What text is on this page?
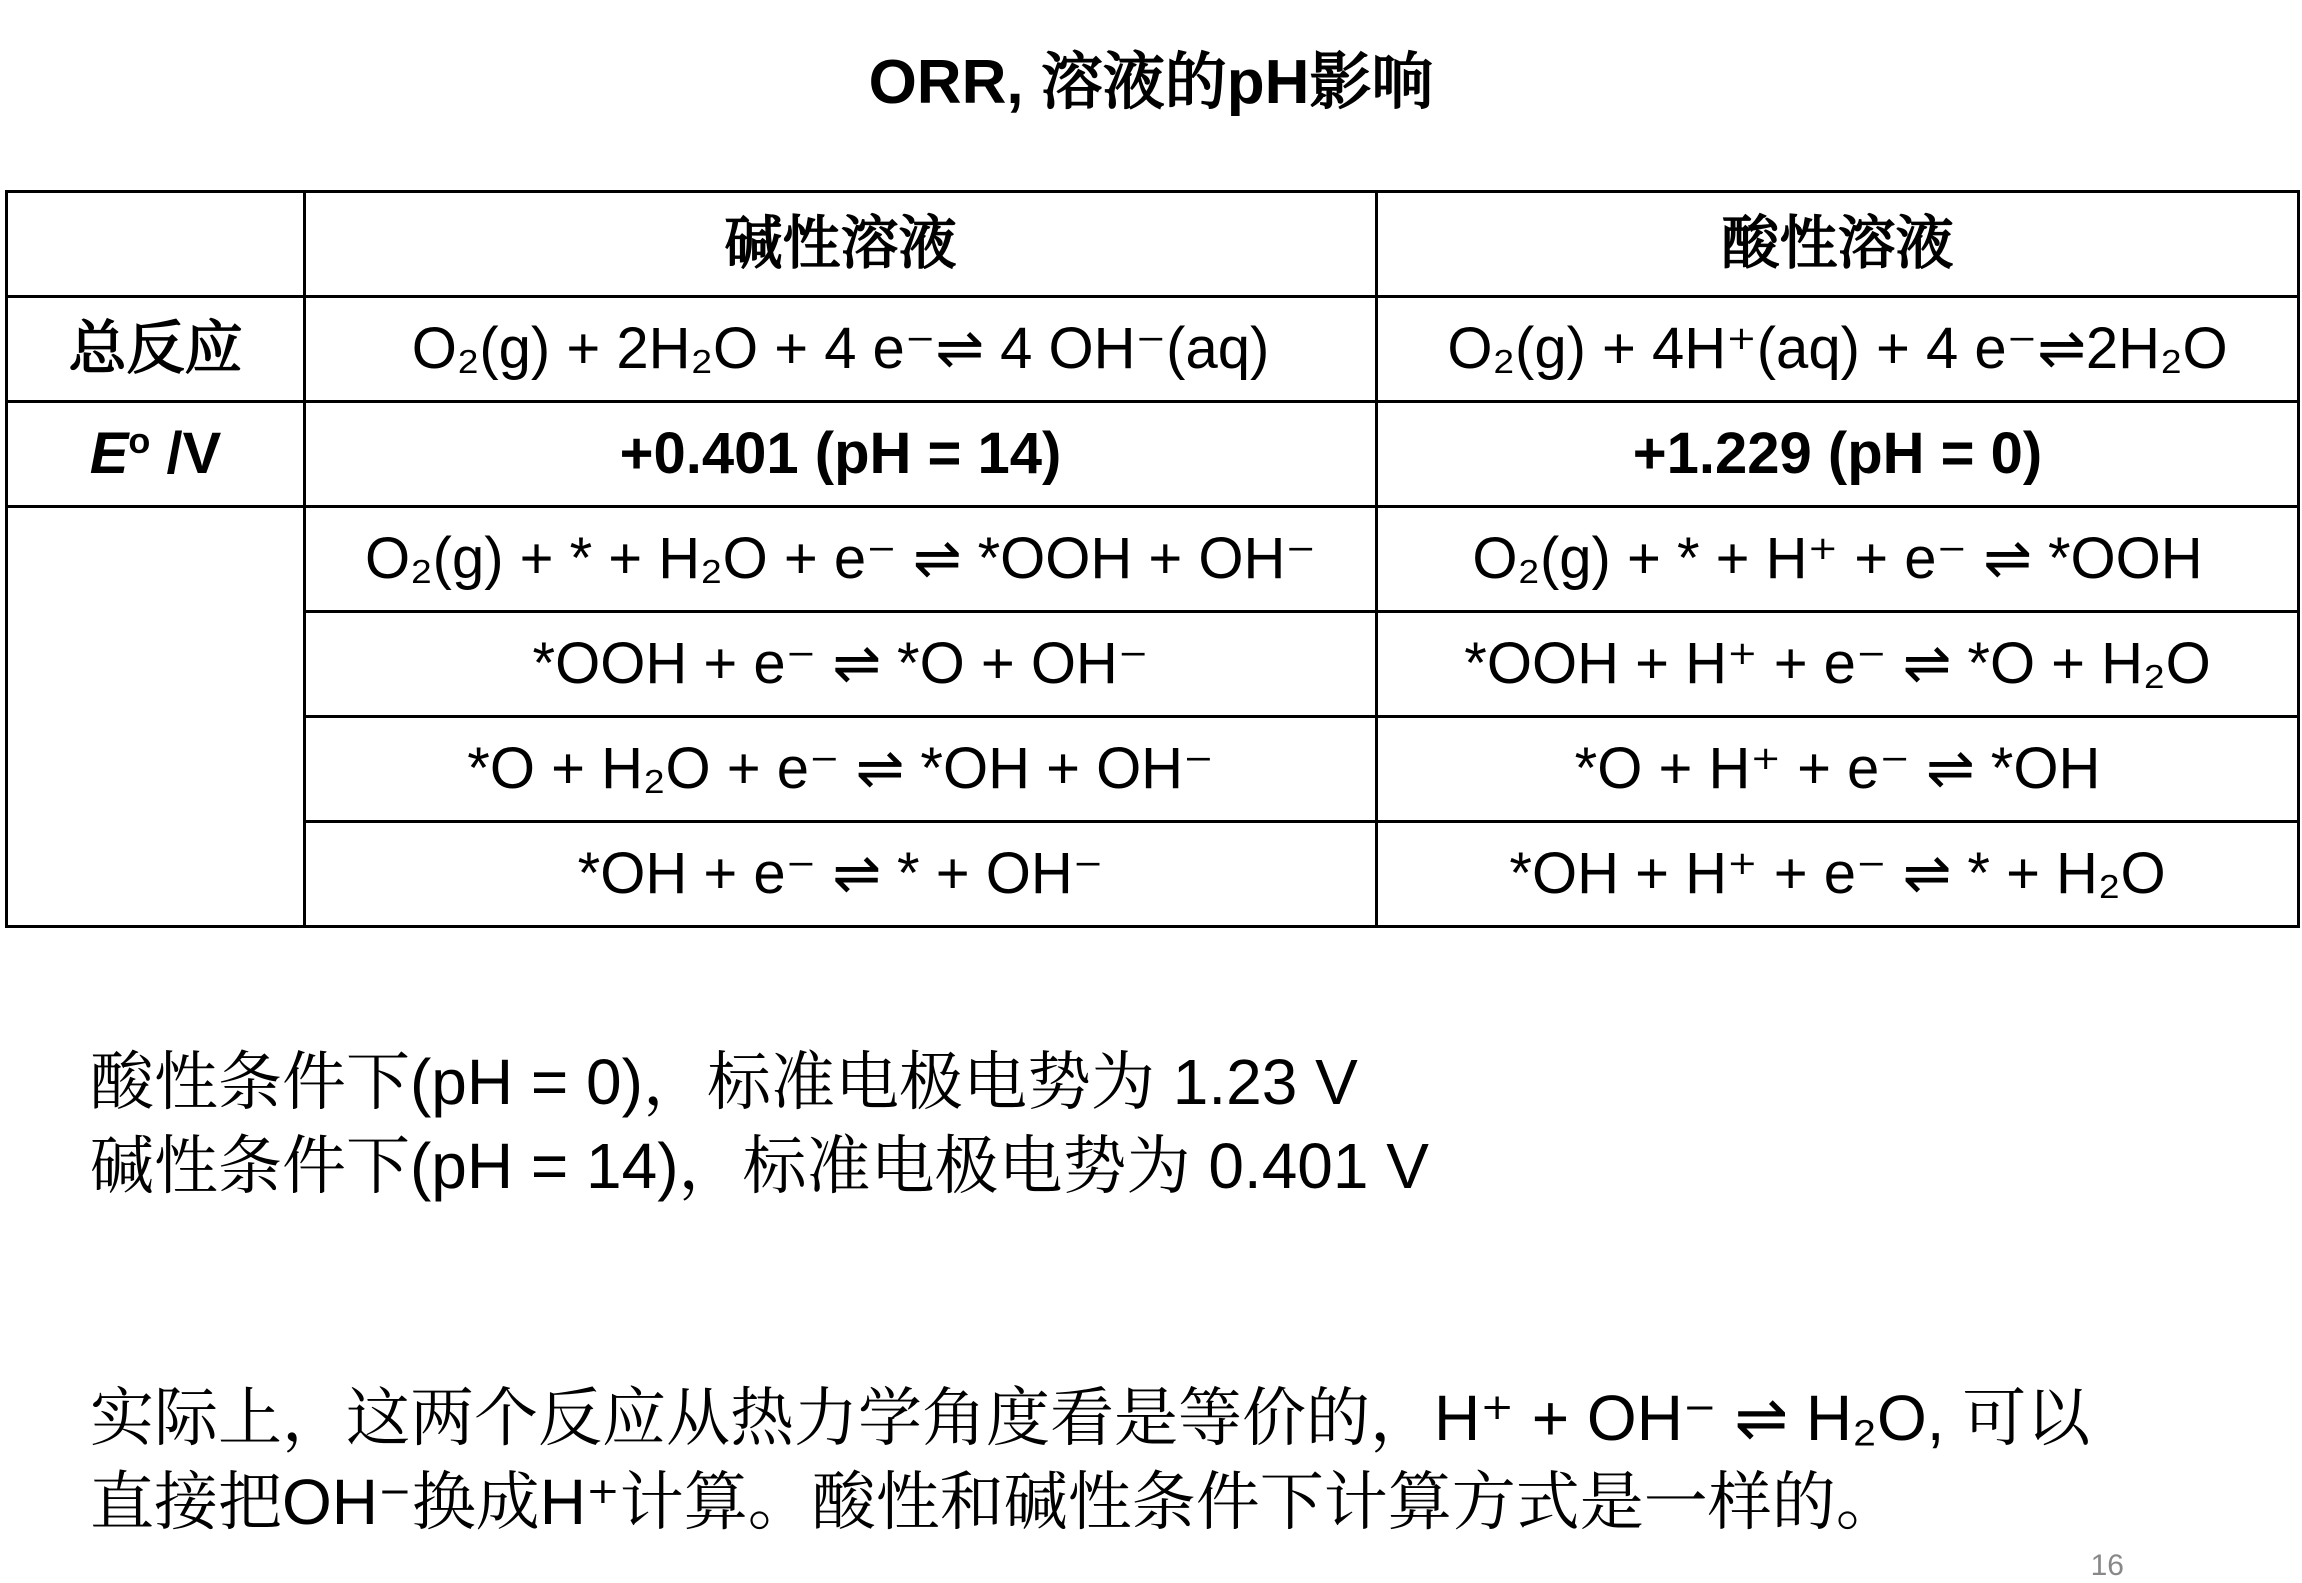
ORR, 溶液的pH影响
	碱性溶液	酸性溶液
总反应	O₂(g) + 2H₂O + 4 e⁻⇌ 4 OH⁻(aq)	O₂(g) + 4H⁺(aq) + 4 e⁻⇌2H₂O
$E^o$ /V	+0.401 (pH = 14)	+1.229 (pH = 0)
	O₂(g) + * + H₂O + e⁻ ⇌ *OOH + OH⁻	O₂(g) + * + H⁺ + e⁻ ⇌ *OOH
	*OOH + e⁻ ⇌ *O + OH⁻	*OOH + H⁺ + e⁻ ⇌ *O + H₂O
	*O + H₂O + e⁻ ⇌ *OH + OH⁻	*O + H⁺ + e⁻ ⇌ *OH
	*OH + e⁻ ⇌ * + OH⁻	*OH + H⁺ + e⁻ ⇌ * + H₂O
酸性条件下(pH = 0)，标准电极电势为 1.23 V
碱性条件下(pH = 14)，标准电极电势为 0.401 V
实际上，这两个反应从热力学角度看是等价的，H⁺ + OH⁻ ⇌ H₂O, 可以
直接把OH⁻换成H⁺计算。酸性和碱性条件下计算方式是一样的。
16
